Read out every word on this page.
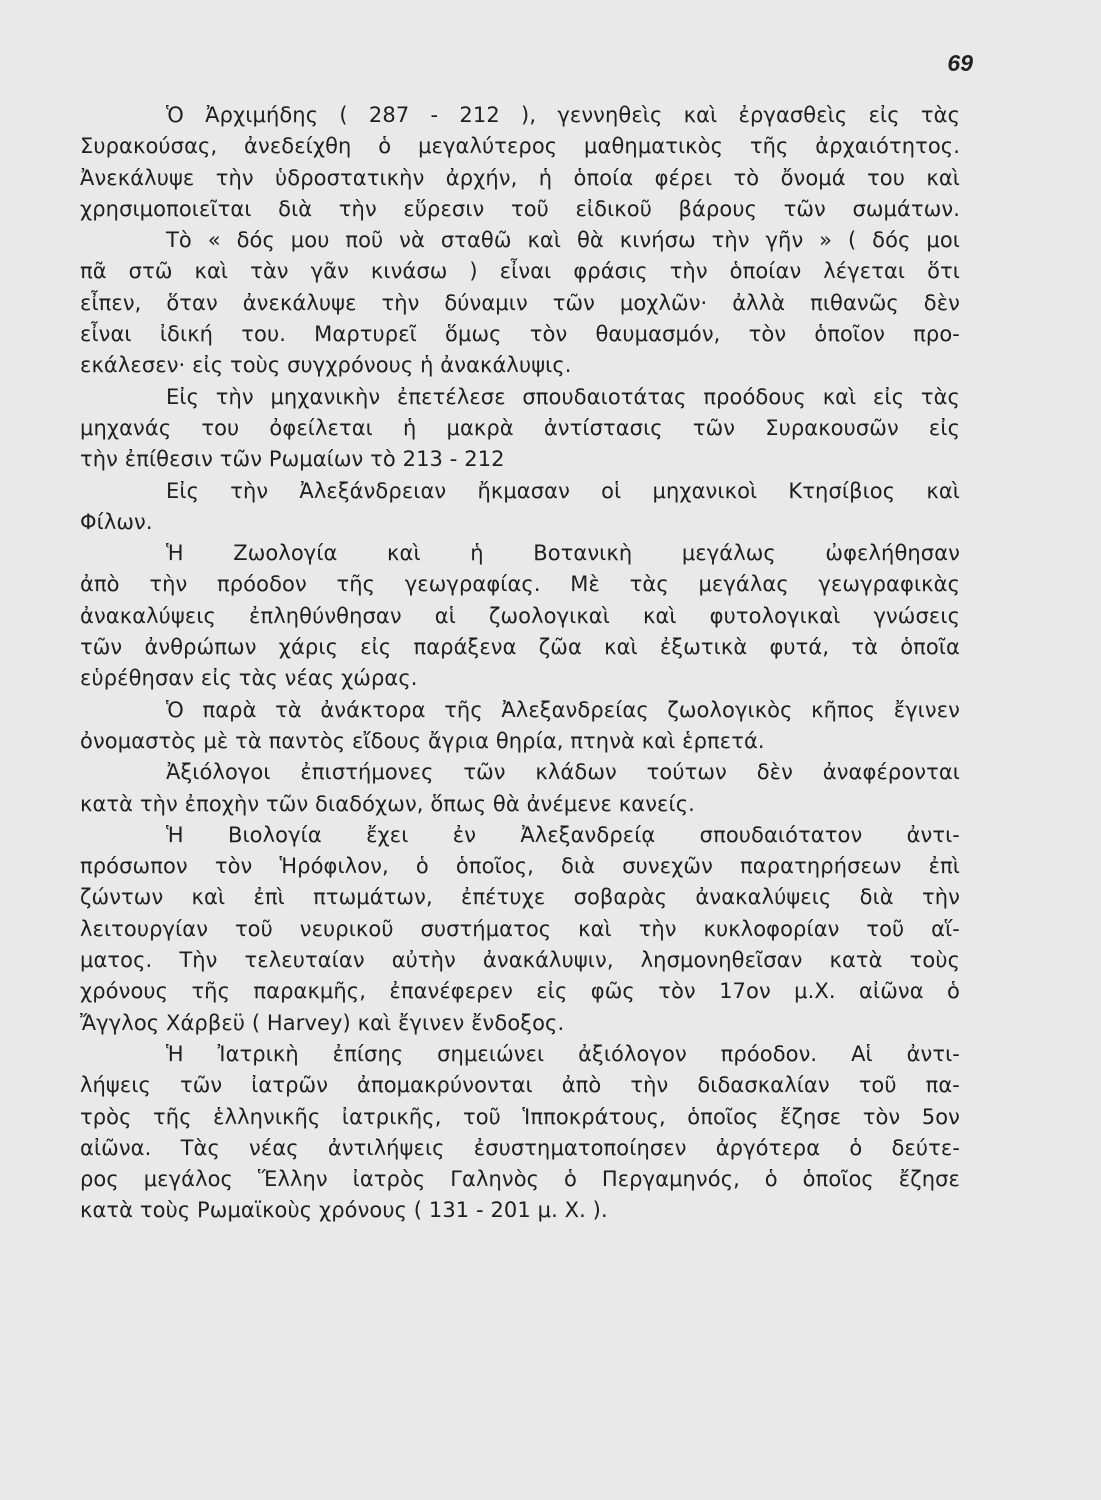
69
Ὁ Ἀρχιμήδης ( 287 - 212 ), γεννηθεὶς καὶ ἐργασθεὶς εἰς τὰς
Συρακούσας, ἀνεδείχθη ὁ μεγαλύτερος μαθηματικὸς τῆς ἀρχαιότητος.
Ἀνεκάλυψε τὴν ὑδροστατικὴν ἀρχήν, ἡ ὁποία φέρει τὸ ὄνομά του καὶ
χρησιμοποιεῖται διὰ τὴν εὕρεσιν τοῦ εἰδικοῦ βάρους τῶν σωμάτων.
Τὸ « δός μου ποῦ νὰ σταθῶ καὶ θὰ κινήσω τὴν γῆν » ( δός μοι
πᾶ στῶ καὶ τὰν γᾶν κινάσω ) εἶναι φράσις τὴν ὁποίαν λέγεται ὅτι
εἶπεν, ὅταν ἀνεκάλυψε τὴν δύναμιν τῶν μοχλῶν· ἀλλὰ πιθανῶς δὲν
εἶναι ἰδική του. Μαρτυρεῖ ὅμως τὸν θαυμασμόν, τὸν ὁποῖον προ-
εκάλεσεν· εἰς τοὺς συγχρόνους ἡ ἀνακάλυψις.
Εἰς τὴν μηχανικὴν ἐπετέλεσε σπουδαιοτάτας προόδους καὶ εἰς τὰς
μηχανάς του ὀφείλεται ἡ μακρὰ ἀντίστασις τῶν Συρακουσῶν εἰς
τὴν ἐπίθεσιν τῶν Ρωμαίων τὸ 213 - 212
Εἰς τὴν Ἀλεξάνδρειαν ἤκμασαν οἱ μηχανικοὶ Κτησίβιος καὶ
Φίλων.
Ἡ Ζωολογία καὶ ἡ Βοτανικὴ μεγάλως ὠφελήθησαν
ἀπὸ τὴν πρόοδον τῆς γεωγραφίας. Μὲ τὰς μεγάλας γεωγραφικὰς
ἀνακαλύψεις ἐπληθύνθησαν αἱ ζωολογικαὶ καὶ φυτολογικαὶ γνώσεις
τῶν ἀνθρώπων χάρις εἰς παράξενα ζῶα καὶ ἐξωτικὰ φυτά, τὰ ὁποῖα
εὑρέθησαν εἰς τὰς νέας χώρας.
Ὁ παρὰ τὰ ἀνάκτορα τῆς Ἀλεξανδρείας ζωολογικὸς κῆπος ἔγινεν
ὀνομαστὸς μὲ τὰ παντὸς εἴδους ἄγρια θηρία, πτηνὰ καὶ ἑρπετά.
Ἀξιόλογοι ἐπιστήμονες τῶν κλάδων τούτων δὲν ἀναφέρονται
κατὰ τὴν ἐποχὴν τῶν διαδόχων, ὅπως θὰ ἀνέμενε κανείς.
Ἡ Βιολογία ἔχει ἐν Ἀλεξανδρείᾳ σπουδαιότατον ἀντι-
πρόσωπον τὸν Ἡρόφιλον, ὁ ὁποῖος, διὰ συνεχῶν παρατηρήσεων ἐπὶ
ζώντων καὶ ἐπὶ πτωμάτων, ἐπέτυχε σοβαρὰς ἀνακαλύψεις διὰ τὴν
λειτουργίαν τοῦ νευρικοῦ συστήματος καὶ τὴν κυκλοφορίαν τοῦ αἵ-
ματος. Τὴν τελευταίαν αὐτὴν ἀνακάλυψιν, λησμονηθεῖσαν κατὰ τοὺς
χρόνους τῆς παρακμῆς, ἐπανέφερεν εἰς φῶς τὸν 17ον μ.Χ. αἰῶνα ὁ
Ἄγγλος Χάρβεϋ ( Harvey) καὶ ἔγινεν ἔνδοξος.
Ἡ Ἰατρικὴ ἐπίσης σημειώνει ἀξιόλογον πρόοδον. Αἱ ἀντι-
λήψεις τῶν ἰατρῶν ἀπομακρύνονται ἀπὸ τὴν διδασκαλίαν τοῦ πα-
τρὸς τῆς ἑλληνικῆς ἰατρικῆς, τοῦ Ἱπποκράτους, ὁποῖος ἔζησε τὸν 5ον
αἰῶνα. Τὰς νέας ἀντιλήψεις ἐσυστηματοποίησεν ἀργότερα ὁ δεύτε-
ρος μεγάλος Ἕλλην ἰατρὸς Γαληνὸς ὁ Περγαμηνός, ὁ ὁποῖος ἔζησε
κατὰ τοὺς Ρωμαϊκοὺς χρόνους ( 131 - 201 μ. Χ. ).
